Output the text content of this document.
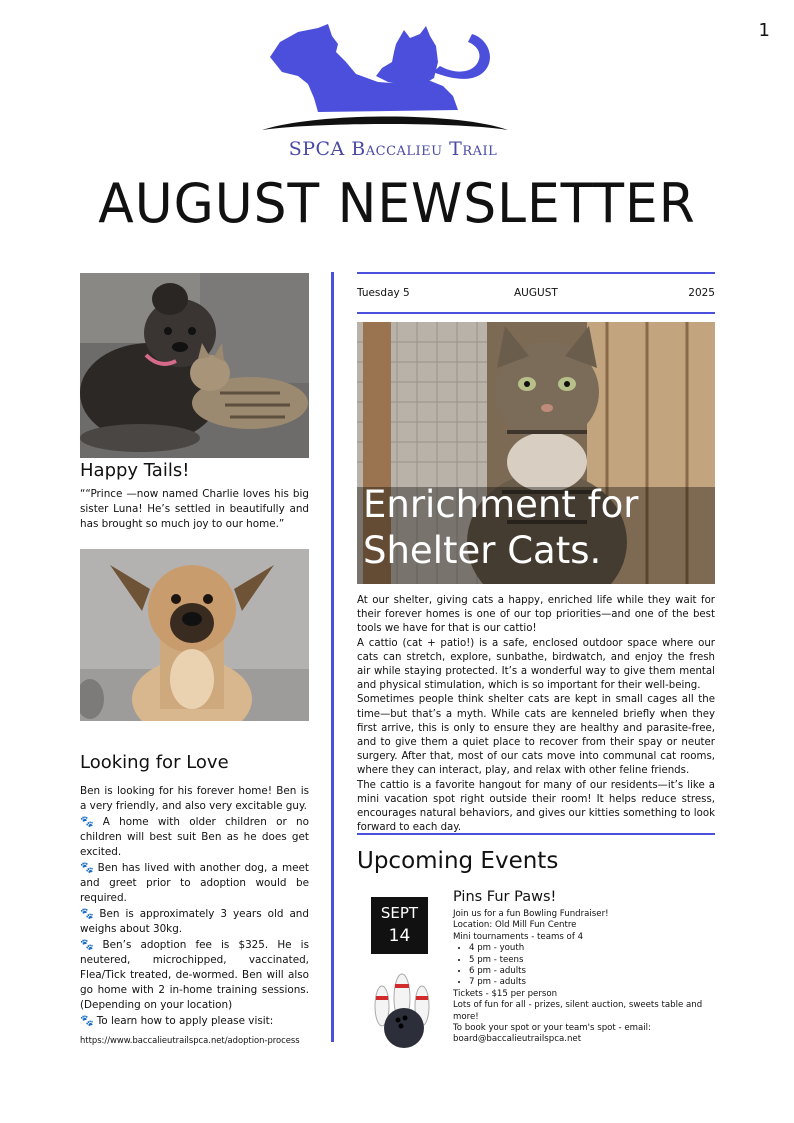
1
SPCA Baccalieu Trail
AUGUST NEWSLETTER
Happy Tails!
““Prince —now named Charlie loves his big sister Luna! He’s settled in beautifully and has brought so much joy to our home.”
Looking for Love

Ben is looking for his forever home! Ben is a very friendly, and also very excitable guy.

🐾 A home with older children or no children will best suit Ben as he does get excited.

🐾 Ben has lived with another dog, a meet and greet prior to adoption would be required.

🐾 Ben is approximately 3 years old and weighs about 30kg.

🐾 Ben’s adoption fee is $325. He is neutered, microchipped, vaccinated, Flea/Tick treated, de-wormed. Ben will also go home with 2 in-home training sessions. (Depending on your location)

🐾 To learn how to apply please visit:

https://www.baccalieutrailspca.net/adoption-process
Tuesday 5	AUGUST	2025
Enrichment for Shelter Cats.

At our shelter, giving cats a happy, enriched life while they wait for their forever homes is one of our top priorities—and one of the best tools we have for that is our cattio!

A cattio (cat + patio!) is a safe, enclosed outdoor space where our cats can stretch, explore, sunbathe, birdwatch, and enjoy the fresh air while staying protected. It’s a wonderful way to give them mental and physical stimulation, which is so important for their well-being.

Sometimes people think shelter cats are kept in small cages all the time—but that’s a myth. While cats are kenneled briefly when they first arrive, this is only to ensure they are healthy and parasite-free, and to give them a quiet place to recover from their spay or neuter surgery. After that, most of our cats move into communal cat rooms, where they can interact, play, and relax with other feline friends.

The cattio is a favorite hangout for many of our residents—it’s like a mini vacation spot right outside their room! It helps reduce stress, encourages natural behaviors, and gives our kitties something to look forward to each day.

Upcoming Events
SEPT
14
Pins Fur Paws!

Join us for a fun Bowling Fundraiser!

Location: Old Mill Fun Centre

Mini tournaments - teams of 4

• 4 pm - youth
• 5 pm - teens
• 6 pm - adults
• 7 pm - adults

Tickets - $15 per person

Lots of fun for all - prizes, silent auction, sweets table and more!

To book your spot or your team's spot - email: board@baccalieutrailspca.net
